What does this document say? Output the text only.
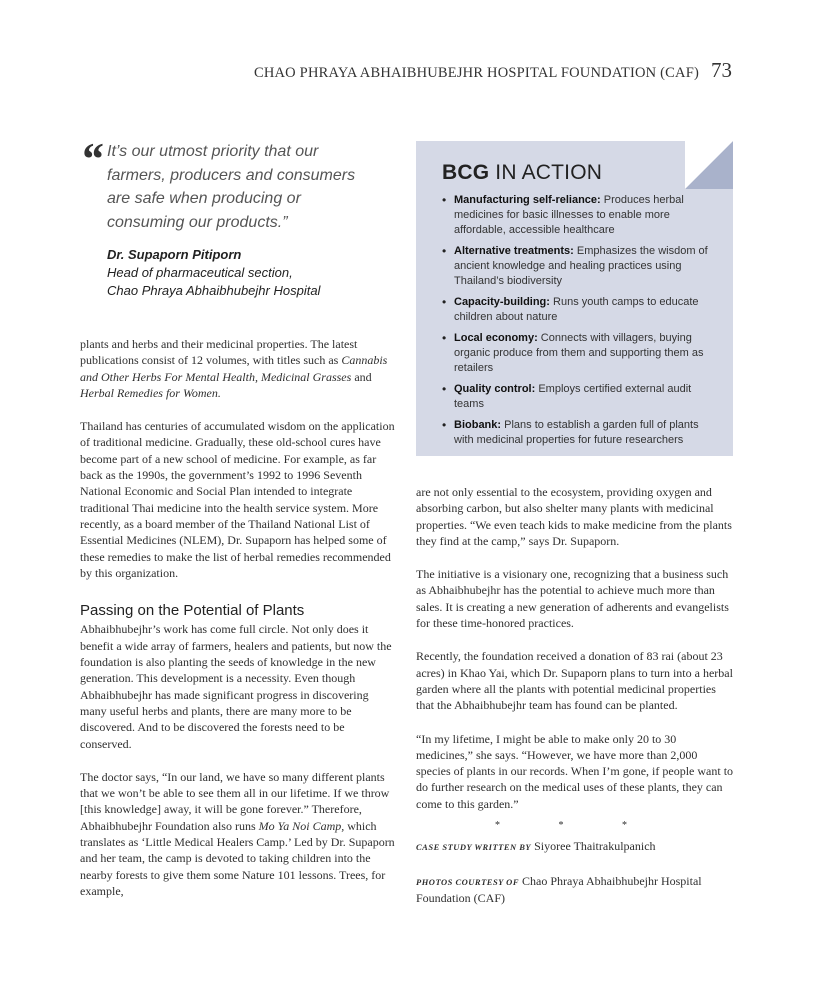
CHAO PHRAYA ABHAIBHUBEJHR HOSPITAL FOUNDATION (CAF) 73
“ It’s our utmost priority that our farmers, producers and consumers are safe when producing or consuming our products.”
Dr. Supaporn Pitiporn
Head of pharmaceutical section,
Chao Phraya Abhaibhubejhr Hospital
BCG IN ACTION
• Manufacturing self-reliance: Produces herbal medicines for basic illnesses to enable more affordable, accessible healthcare
• Alternative treatments: Emphasizes the wisdom of ancient knowledge and healing practices using Thailand’s biodiversity
• Capacity-building: Runs youth camps to educate children about nature
• Local economy: Connects with villagers, buying organic produce from them and supporting them as retailers
• Quality control: Employs certified external audit teams
• Biobank: Plans to establish a garden full of plants with medicinal properties for future researchers

plants and herbs and their medicinal properties. The latest publications consist of 12 volumes, with titles such as Cannabis and Other Herbs For Mental Health, Medicinal Grasses and Herbal Remedies for Women.

Thailand has centuries of accumulated wisdom on the application of traditional medicine. Gradually, these old-school cures have become part of a new school of medicine. For example, as far back as the 1990s, the government’s 1992 to 1996 Seventh National Economic and Social Plan intended to integrate traditional Thai medicine into the health service system. More recently, as a board member of the Thailand National List of Essential Medicines (NLEM), Dr. Supaporn has helped some of these remedies to make the list of herbal remedies recommended by this organization.

Passing on the Potential of Plants

Abhaibhubejhr’s work has come full circle. Not only does it benefit a wide array of farmers, healers and patients, but now the foundation is also planting the seeds of knowledge in the new generation. This development is a necessity. Even though Abhaibhubejhr has made significant progress in discovering many useful herbs and plants, there are many more to be discovered. And to be discovered the forests need to be conserved.

The doctor says, “In our land, we have so many different plants that we won’t be able to see them all in our lifetime. If we throw [this knowledge] away, it will be gone forever.” Therefore, Abhaibhubejhr Foundation also runs Mo Ya Noi Camp, which translates as ‘Little Medical Healers Camp.’ Led by Dr. Supaporn and her team, the camp is devoted to taking children into the nearby forests to give them some Nature 101 lessons. Trees, for example,

are not only essential to the ecosystem, providing oxygen and absorbing carbon, but also shelter many plants with medicinal properties. “We even teach kids to make medicine from the plants they find at the camp,” says Dr. Supaporn.

The initiative is a visionary one, recognizing that a business such as Abhaibhubejhr has the potential to achieve much more than sales. It is creating a new generation of adherents and evangelists for these time-honored practices.

Recently, the foundation received a donation of 83 rai (about 23 acres) in Khao Yai, which Dr. Supaporn plans to turn into a herbal garden where all the plants with potential medicinal properties that the Abhaibhubejhr team has found can be planted.

“In my lifetime, I might be able to make only 20 to 30 medicines,” she says. “However, we have more than 2,000 species of plants in our records. When I’m gone, if people want to do further research on the medical uses of these plants, they can come to this garden.”

* * *

CASE STUDY WRITTEN BY Siyoree Thaitrakulpanich

PHOTOS COURTESY OF Chao Phraya Abhaibhubejhr Hospital Foundation (CAF)
